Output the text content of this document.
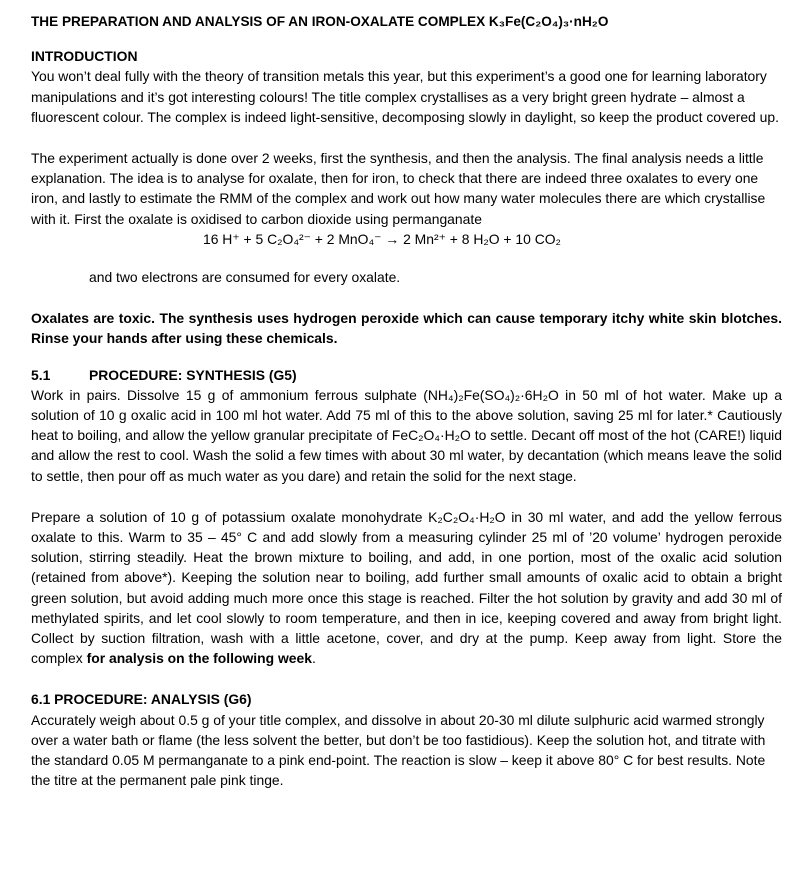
THE PREPARATION AND ANALYSIS OF AN IRON-OXALATE COMPLEX K₃Fe(C₂O₄)₃·nH₂O
INTRODUCTION

You won’t deal fully with the theory of transition metals this year, but this experiment’s a good one for learning laboratory manipulations and it’s got interesting colours! The title complex crystallises as a very bright green hydrate – almost a fluorescent colour. The complex is indeed light-sensitive, decomposing slowly in daylight, so keep the product covered up.

The experiment actually is done over 2 weeks, first the synthesis, and then the analysis. The final analysis needs a little explanation. The idea is to analyse for oxalate, then for iron, to check that there are indeed three oxalates to every one iron, and lastly to estimate the RMM of the complex and work out how many water molecules there are which crystallise with it. First the oxalate is oxidised to carbon dioxide using permanganate

16 H⁺ + 5 C₂O₄²⁻ + 2 MnO₄⁻ → 2 Mn²⁺ + 8 H₂O + 10 CO₂

and two electrons are consumed for every oxalate.

Oxalates are toxic. The synthesis uses hydrogen peroxide which can cause temporary itchy white skin blotches. Rinse your hands after using these chemicals.

5.1	PROCEDURE: SYNTHESIS (G5)

Work in pairs. Dissolve 15 g of ammonium ferrous sulphate (NH₄)₂Fe(SO₄)₂·6H₂O in 50 ml of hot water. Make up a solution of 10 g oxalic acid in 100 ml hot water. Add 75 ml of this to the above solution, saving 25 ml for later.* Cautiously heat to boiling, and allow the yellow granular precipitate of FeC₂O₄·H₂O to settle. Decant off most of the hot (CARE!) liquid and allow the rest to cool. Wash the solid a few times with about 30 ml water, by decantation (which means leave the solid to settle, then pour off as much water as you dare) and retain the solid for the next stage.

Prepare a solution of 10 g of potassium oxalate monohydrate K₂C₂O₄·H₂O in 30 ml water, and add the yellow ferrous oxalate to this. Warm to 35 – 45° C and add slowly from a measuring cylinder 25 ml of ’20 volume’ hydrogen peroxide solution, stirring steadily. Heat the brown mixture to boiling, and add, in one portion, most of the oxalic acid solution (retained from above*). Keeping the solution near to boiling, add further small amounts of oxalic acid to obtain a bright green solution, but avoid adding much more once this stage is reached. Filter the hot solution by gravity and add 30 ml of methylated spirits, and let cool slowly to room temperature, and then in ice, keeping covered and away from bright light. Collect by suction filtration, wash with a little acetone, cover, and dry at the pump. Keep away from light. Store the complex for analysis on the following week.

6.1 PROCEDURE: ANALYSIS (G6)

Accurately weigh about 0.5 g of your title complex, and dissolve in about 20-30 ml dilute sulphuric acid warmed strongly over a water bath or flame (the less solvent the better, but don’t be too fastidious). Keep the solution hot, and titrate with the standard 0.05 M permanganate to a pink end-point. The reaction is slow – keep it above 80° C for best results. Note the titre at the permanent pale pink tinge.
